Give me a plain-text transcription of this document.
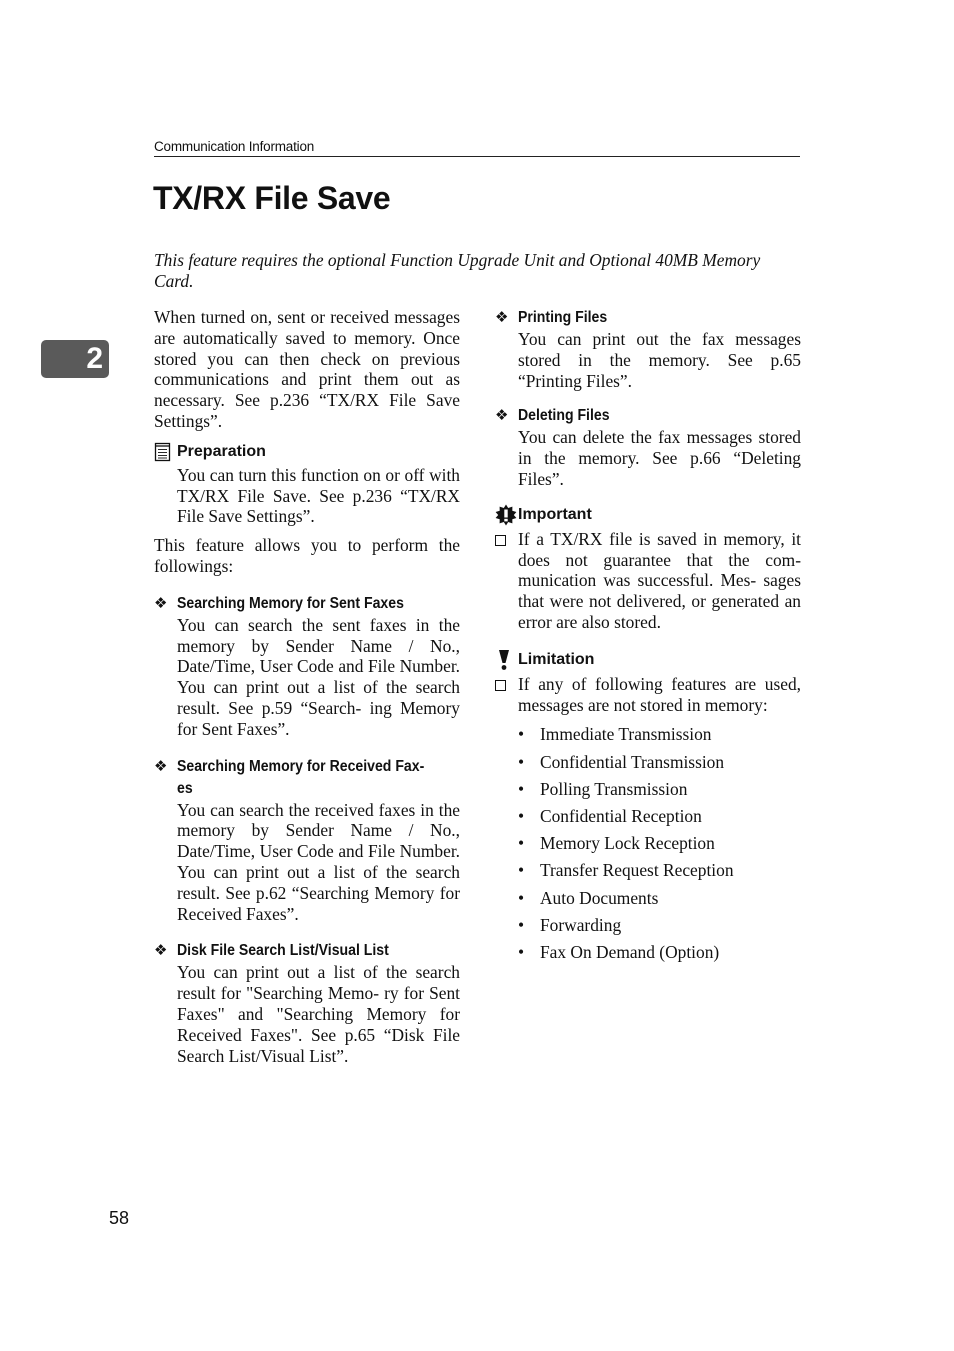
Communication Information
2
TX/RX File Save
This feature requires the optional Function Upgrade Unit and Optional 40MB Memory Card.

When turned on, sent or received messages are automatically saved to memory. Once stored you can then check on previous communications and print them out as necessary. See p.236 “TX/RX File Save Settings”.

Preparation

You can turn this function on or off with TX/RX File Save. See p.236 “TX/RX File Save Settings”.

This feature allows you to perform the followings:

❖ Searching Memory for Sent Faxes

You can search the sent faxes in the memory by Sender Name / No., Date/Time, User Code and File Number. You can print out a list of the search result. See p.59 “Search- ing Memory for Sent Faxes”.

❖ Searching Memory for Received Fax-
es

You can search the received faxes in the memory by Sender Name / No., Date/Time, User Code and File Number. You can print out a list of the search result. See p.62 “Searching Memory for Received Faxes”.

❖ Disk File Search List/Visual List

You can print out a list of the search result for "Searching Memo- ry for Sent Faxes" and "Searching Memory for Received Faxes". See p.65 “Disk File Search List/Visual List”.

❖ Printing Files

You can print out the fax messages stored in the memory. See p.65 “Printing Files”.

❖ Deleting Files

You can delete the fax messages stored in the memory. See p.66 “Deleting Files”.

Important

If a TX/RX file is saved in memory, it does not guarantee that the com- munication was successful. Mes- sages that were not delivered, or generated an error are also stored.

Limitation

If any of following features are used, messages are not stored in memory:

• Immediate Transmission
• Confidential Transmission
• Polling Transmission
• Confidential Reception
• Memory Lock Reception
• Transfer Request Reception
• Auto Documents
• Forwarding
• Fax On Demand (Option)
58
